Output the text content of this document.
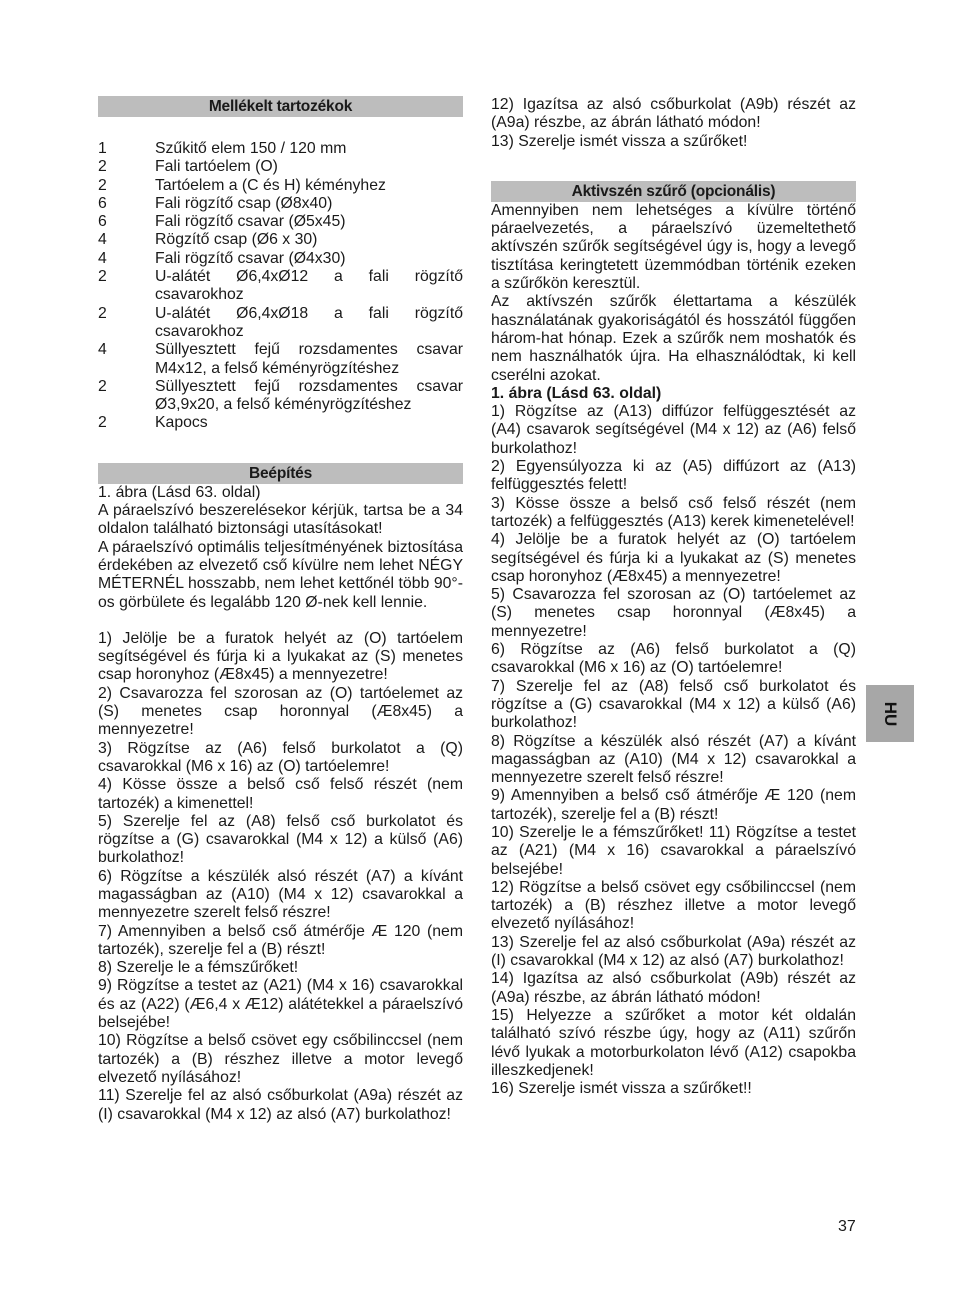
Mellékelt tartozékok
1	Szűkitő elem 150 / 120 mm
2	Fali tartóelem (O)
2	Tartóelem a (C és H) kéményhez
6	Fali rögzítő csap (Ø8x40)
6	Fali rögzítő csavar (Ø5x45)
4	Rögzítő csap (Ø6 x 30)
4	Fali rögzítő csavar (Ø4x30)
2	U-alátét Ø6,4xØ12 a fali rögzítő csavarokhoz
2	U-alátét Ø6,4xØ18 a fali rögzítő csavarokhoz
4	Süllyesztett fejű rozsdamentes csavar M4x12, a felső kéményrögzítéshez
2	Süllyesztett fejű rozsdamentes csavar Ø3,9x20, a felső kéményrögzítéshez
2	Kapocs
Beépítés

1. ábra (Lásd 63. oldal)

A páraelszívó beszerelésekor kérjük, tartsa be a 34 oldalon található biztonsági utasításokat!

A páraelszívó optimális teljesítményének biztosítása érdekében az elvezető cső kívülre nem lehet NÉGY MÉTERNÉL hosszabb, nem lehet kettőnél több 90°-os görbülete és legalább 120 Ø-nek kell lennie.

1) Jelölje be a furatok helyét az (O) tartóelem segítségével és fúrja ki a lyukakat az (S) menetes csap horonyhoz (Æ8x45) a mennyezetre!

2) Csavarozza fel szorosan az (O) tartóelemet az (S) menetes csap horonnyal (Æ8x45) a mennyezetre!

3) Rögzítse az (A6) felső burkolatot a (Q) csavarokkal (M6 x 16) az (O) tartóelemre!

4) Kösse össze a belső cső felső részét (nem tartozék) a kimenettel!

5) Szerelje fel az (A8) felső cső burkolatot és rögzítse a (G) csavarokkal (M4 x 12) a külső (A6) burkolathoz!

6) Rögzítse a készülék alsó részét (A7) a kívánt magasságban az (A10) (M4 x 12) csavarokkal a mennyezetre szerelt felső részre!

7) Amennyiben a belső cső átmérője Æ 120 (nem tartozék), szerelje fel a (B) részt!

8) Szerelje le a fémszűrőket!

9) Rögzítse a testet az (A21) (M4 x 16) csavarokkal és az (A22) (Æ6,4 x Æ12) alátétekkel a páraelszívó belsejébe!

10) Rögzítse a belső csövet egy csőbilinccsel (nem tartozék) a (B) részhez illetve a motor levegő elvezető nyílásához!

11) Szerelje fel az alsó csőburkolat (A9a) részét az (I) csavarokkal (M4 x 12) az alsó (A7) burkolathoz!

12) Igazítsa az alsó csőburkolat (A9b) részét az (A9a) részbe, az ábrán látható módon!

13) Szerelje ismét vissza a szűrőket!

Aktivszén szűrő (opcionális)

Amennyiben nem lehetséges a kívülre történő páraelvezetés, a páraelszívó üzemeltethető aktívszén szűrők segítségével úgy is, hogy a levegő tisztítása keringtetett üzemmódban történik ezeken a szűrőkön keresztül.

Az aktívszén szűrők élettartama a készülék használatának gyakoriságától és hosszától függően három-hat hónap. Ezek a szűrők nem moshatók és nem használhatók újra. Ha elhasználódtak, ki kell cserélni azokat.

1. ábra (Lásd 63. oldal)

1) Rögzítse az (A13) diffúzor felfüggesztését az (A4) csavarok segítségével (M4 x 12) az (A6) felső burkolathoz!

2) Egyensúlyozza ki az (A5) diffúzort az (A13) felfüggesztés felett!

3) Kösse össze a belső cső felső részét (nem tartozék) a felfüggesztés (A13) kerek kimenetelével!

4) Jelölje be a furatok helyét az (O) tartóelem segítségével és fúrja ki a lyukakat az (S) menetes csap horonyhoz (Æ8x45) a mennyezetre!

5) Csavarozza fel szorosan az (O) tartóelemet az (S) menetes csap horonnyal (Æ8x45) a mennyezetre!

6) Rögzítse az (A6) felső burkolatot a (Q) csavarokkal (M6 x 16) az (O) tartóelemre!

7) Szerelje fel az (A8) felső cső burkolatot és rögzítse a (G) csavarokkal (M4 x 12) a külső (A6) burkolathoz!

8) Rögzítse a készülék alsó részét (A7) a kívánt magasságban az (A10) (M4 x 12) csavarokkal a mennyezetre szerelt felső részre!

9) Amennyiben a belső cső átmérője Æ 120 (nem tartozék), szerelje fel a (B) részt!

10) Szerelje le a fémszűrőket! 11) Rögzítse a testet az (A21) (M4 x 16) csavarokkal a páraelszívó belsejébe!

12) Rögzítse a belső csövet egy csőbilinccsel (nem tartozék) a (B) részhez illetve a motor levegő elvezető nyílásához!

13) Szerelje fel az alsó csőburkolat (A9a) részét az (I) csavarokkal (M4 x 12) az alsó (A7) burkolathoz!

14) Igazítsa az alsó csőburkolat (A9b) részét az (A9a) részbe, az ábrán látható módon!

15) Helyezze a szűrőket a motor két oldalán található szívó részbe úgy, hogy az (A11) szűrőn lévő lyukak a motorburkolaton lévő (A12) csapokba illeszkedjenek!

16) Szerelje ismét vissza a szűrőket!!

HU
37
